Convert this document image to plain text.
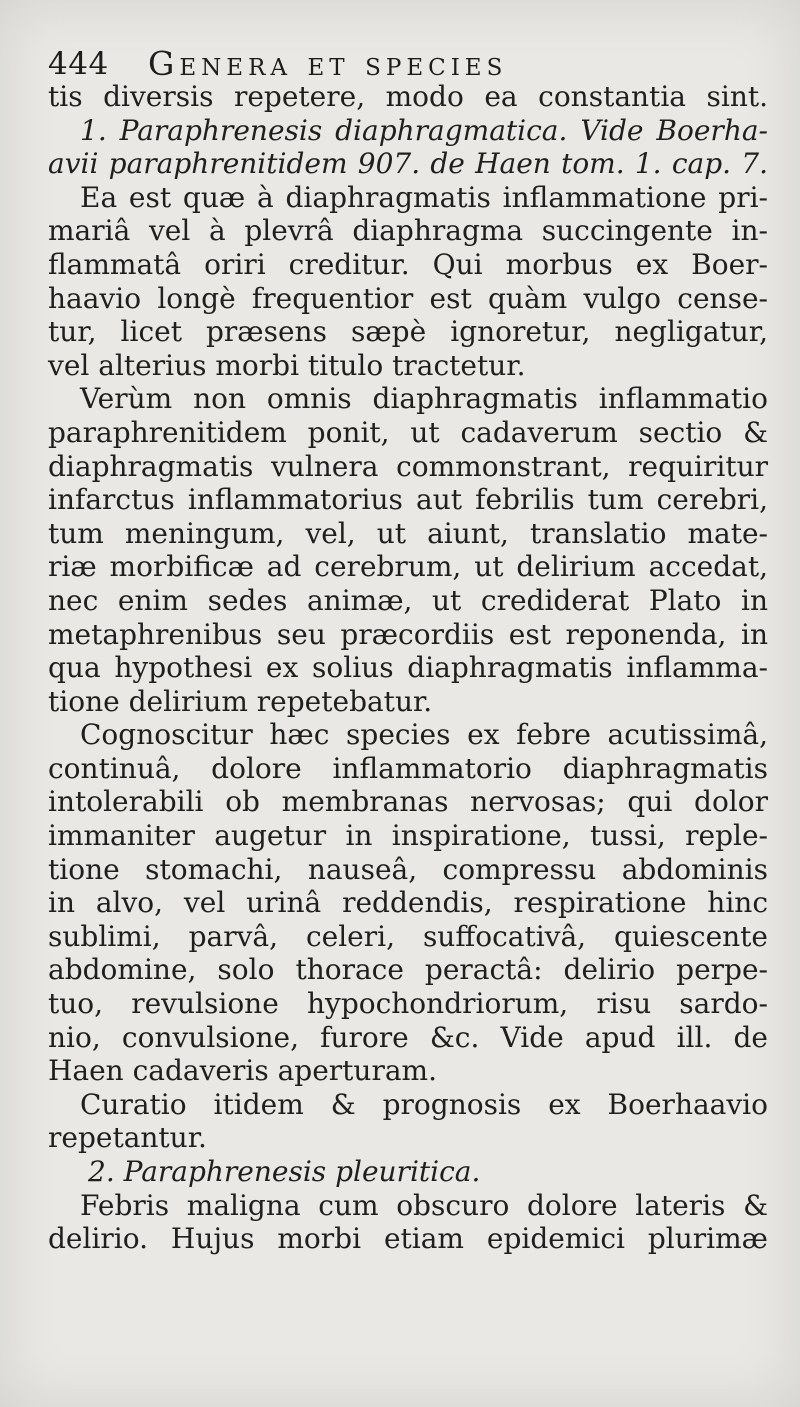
444 Genera et species
tis diversis repetere, modo ea constantia sint.
1. Paraphrenesis diaphragmatica. Vide Boerha-
avii paraphrenitidem 907. de Haen tom. 1. cap. 7.
Ea est quæ à diaphragmatis inflammatione pri-
mariâ vel à plevrâ diaphragma succingente in-
flammatâ oriri creditur. Qui morbus ex Boer-
haavio longè frequentior est quàm vulgo cense-
tur, licet præsens sæpè ignoretur, negligatur,
vel alterius morbi titulo tractetur.
Verùm non omnis diaphragmatis inflammatio
paraphrenitidem ponit, ut cadaverum sectio &
diaphragmatis vulnera commonstrant, requiritur
infarctus inflammatorius aut febrilis tum cerebri,
tum meningum, vel, ut aiunt, translatio mate-
riæ morbificæ ad cerebrum, ut delirium accedat,
nec enim sedes animæ, ut crediderat Plato in
metaphrenibus seu præcordiis est reponenda, in
qua hypothesi ex solius diaphragmatis inflamma-
tione delirium repetebatur.
Cognoscitur hæc species ex febre acutissimâ,
continuâ, dolore inflammatorio diaphragmatis
intolerabili ob membranas nervosas; qui dolor
immaniter augetur in inspiratione, tussi, reple-
tione stomachi, nauseâ, compressu abdominis
in alvo, vel urinâ reddendis, respiratione hinc
sublimi, parvâ, celeri, suffocativâ, quiescente
abdomine, solo thorace peractâ: delirio perpe-
tuo, revulsione hypochondriorum, risu sardo-
nio, convulsione, furore &c. Vide apud ill. de
Haen cadaveris aperturam.
Curatio itidem & prognosis ex Boerhaavio
repetantur.
2. Paraphrenesis pleuritica.
Febris maligna cum obscuro dolore lateris &
delirio. Hujus morbi etiam epidemici plurimæ
